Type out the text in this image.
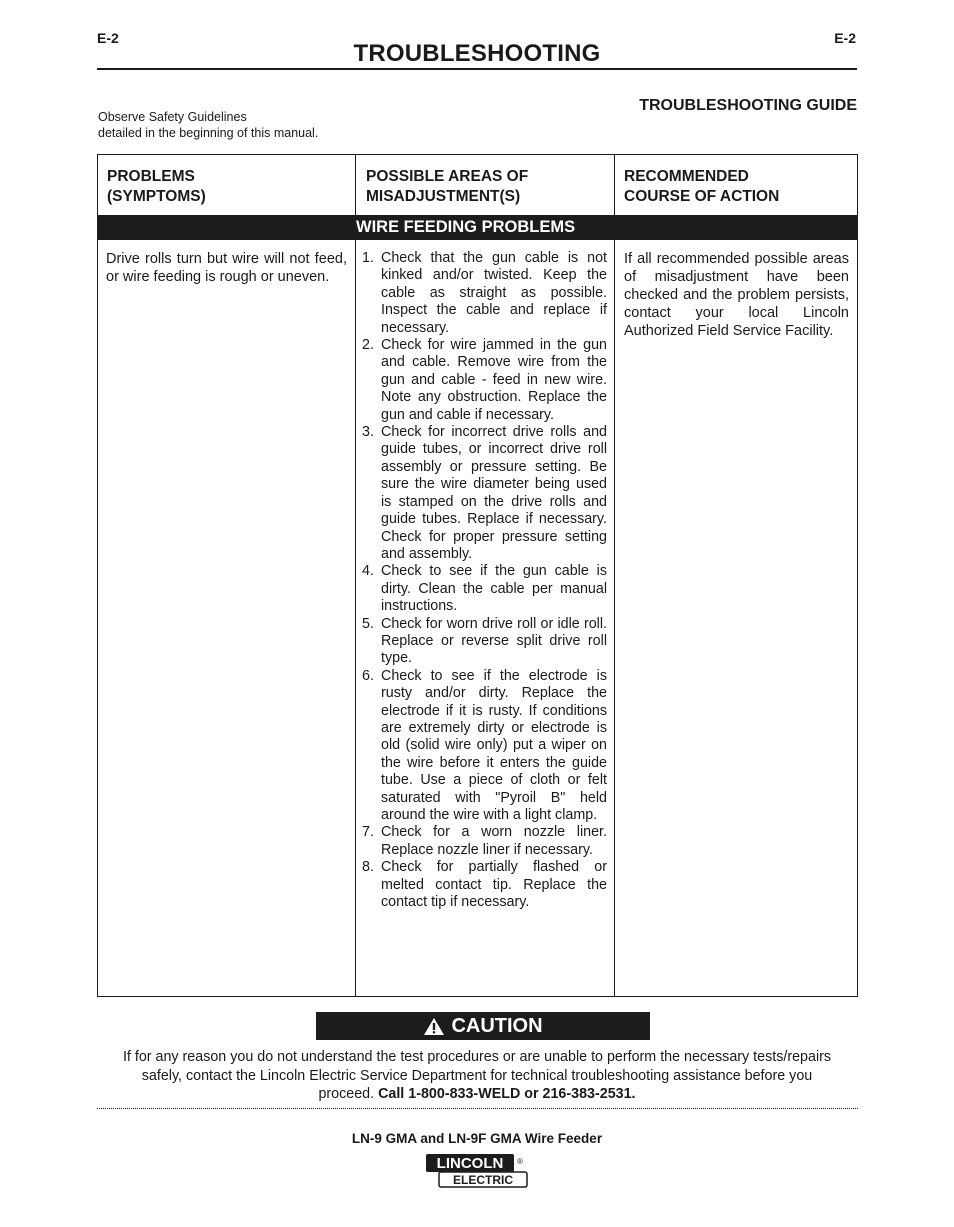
E-2	E-2
TROUBLESHOOTING
Observe Safety Guidelines
detailed in the beginning of this manual.
TROUBLESHOOTING GUIDE
PROBLEMS
(SYMPTOMS)
POSSIBLE AREAS OF
MISADJUSTMENT(S)
RECOMMENDED
COURSE OF ACTION
WIRE FEEDING PROBLEMS
Drive rolls turn but wire will not feed, or wire feeding is rough or uneven.
1. Check that the gun cable is not kinked and/or twisted. Keep the cable as straight as possible. Inspect the cable and replace if necessary.
2. Check for wire jammed in the gun and cable. Remove wire from the gun and cable - feed in new wire. Note any obstruction. Replace the gun and cable if necessary.
3. Check for incorrect drive rolls and guide tubes, or incorrect drive roll assembly or pressure setting. Be sure the wire diameter being used is stamped on the drive rolls and guide tubes. Replace if necessary. Check for proper pressure setting and assembly.
4. Check to see if the gun cable is dirty. Clean the cable per manual instructions.
5. Check for worn drive roll or idle roll. Replace or reverse split drive roll type.
6. Check to see if the electrode is rusty and/or dirty. Replace the electrode if it is rusty. If conditions are extremely dirty or electrode is old (solid wire only) put a wiper on the wire before it enters the guide tube. Use a piece of cloth or felt saturated with "Pyroil B" held around the wire with a light clamp.
7. Check for a worn nozzle liner. Replace nozzle liner if necessary.
8. Check for partially flashed or melted contact tip. Replace the contact tip if necessary.
If all recommended possible areas of misadjustment have been checked and the problem persists, contact your local Lincoln Authorized Field Service Facility.
CAUTION
If for any reason you do not understand the test procedures or are unable to perform the necessary tests/repairs safely, contact the Lincoln Electric Service Department for technical troubleshooting assistance before you proceed. Call 1-800-833-WELD or 216-383-2531.
LN-9 GMA and LN-9F GMA Wire Feeder
LINCOLN ®
ELECTRIC
